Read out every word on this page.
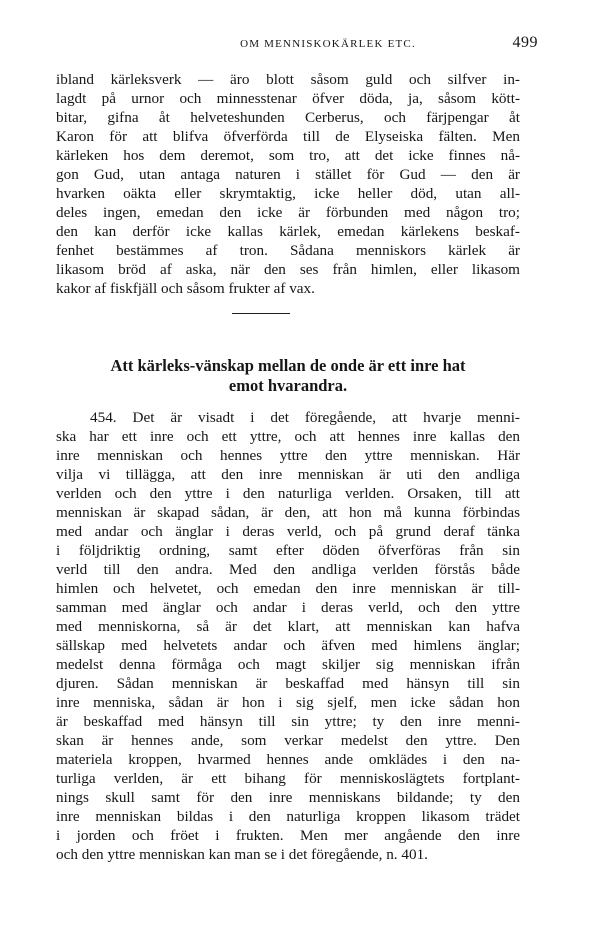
OM MENNISKOKÄRLEK ETC.	499
ibland kärleksverk — äro blott såsom guld och silfver in-
lagdt på urnor och minnesstenar öfver döda, ja, såsom kött-
bitar, gifna åt helveteshunden Cerberus, och färjpengar åt
Karon för att blifva öfverförda till de Elyseiska fälten. Men
kärleken hos dem deremot, som tro, att det icke finnes nå-
gon Gud, utan antaga naturen i stället för Gud — den är
hvarken oäkta eller skrymtaktig, icke heller död, utan all-
deles ingen, emedan den icke är förbunden med någon tro;
den kan derför icke kallas kärlek, emedan kärlekens beskaf-
fenhet bestämmes af tron. Sådana menniskors kärlek är
likasom bröd af aska, när den ses från himlen, eller likasom
kakor af fiskfjäll och såsom frukter af vax.
Att kärleks-vänskap mellan de onde är ett inre hat
emot hvarandra.
454. Det är visadt i det föregående, att hvarje menni-
ska har ett inre och ett yttre, och att hennes inre kallas den
inre menniskan och hennes yttre den yttre menniskan. Här
vilja vi tillägga, att den inre menniskan är uti den andliga
verlden och den yttre i den naturliga verlden. Orsaken, till att
menniskan är skapad sådan, är den, att hon må kunna förbindas
med andar och änglar i deras verld, och på grund deraf tänka
i följdriktig ordning, samt efter döden öfverföras från sin
verld till den andra. Med den andliga verlden förstås både
himlen och helvetet, och emedan den inre menniskan är till-
samman med änglar och andar i deras verld, och den yttre
med menniskorna, så är det klart, att menniskan kan hafva
sällskap med helvetets andar och äfven med himlens änglar;
medelst denna förmåga och magt skiljer sig menniskan ifrån
djuren. Sådan menniskan är beskaffad med hänsyn till sin
inre menniska, sådan är hon i sig sjelf, men icke sådan hon
är beskaffad med hänsyn till sin yttre; ty den inre menni-
skan är hennes ande, som verkar medelst den yttre. Den
materiela kroppen, hvarmed hennes ande omklädes i den na-
turliga verlden, är ett bihang för menniskoslägtets fortplant-
nings skull samt för den inre menniskans bildande; ty den
inre menniskan bildas i den naturliga kroppen likasom trädet
i jorden och fröet i frukten. Men mer angående den inre
och den yttre menniskan kan man se i det föregående, n. 401.
